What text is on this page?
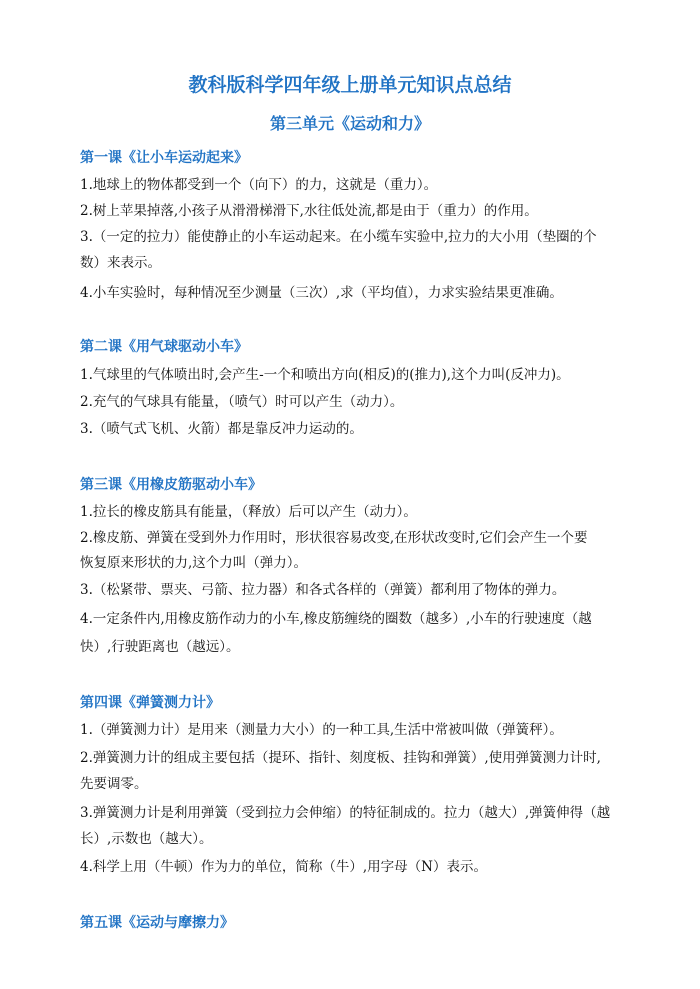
教科版科学四年级上册单元知识点总结
第三单元《运动和力》
第一课《让小车运动起来》
1.地球上的物体都受到一个（向下）的力，这就是（重力）。
2.树上苹果掉落,小孩子从滑滑梯滑下,水往低处流,都是由于（重力）的作用。
3.（一定的拉力）能使静止的小车运动起来。在小缆车实验中,拉力的大小用（垫圈的个
数）来表示。
4.小车实验时，每种情况至少测量（三次）,求（平均值），力求实验结果更准确。
第二课《用气球驱动小车》
1.气球里的气体喷出时,会产生-一个和喷出方向(相反)的(推力),这个力叫(反冲力)。
2.充气的气球具有能量，（喷气）时可以产生（动力）。
3.（喷气式飞机、火箭）都是靠反冲力运动的。
第三课《用橡皮筋驱动小车》
1.拉长的橡皮筋具有能量，（释放）后可以产生（动力）。
2.橡皮筋、弹簧在受到外力作用时，形状很容易改变,在形状改变时,它们会产生一个要
恢复原来形状的力,这个力叫（弹力）。
3.（松紧带、票夹、弓箭、拉力器）和各式各样的（弹簧）都利用了物体的弹力。
4.一定条件内,用橡皮筋作动力的小车,橡皮筋缠绕的圈数（越多）,小车的行驶速度（越
快）,行驶距离也（越远）。
第四课《弹簧测力计》
1.（弹簧测力计）是用来（测量力大小）的一种工具,生活中常被叫做（弹簧秤）。
2.弹簧测力计的组成主要包括（提环、指针、刻度板、挂钩和弹簧）,使用弹簧测力计时,
先要调零。
3.弹簧测力计是利用弹簧（受到拉力会伸缩）的特征制成的。拉力（越大）,弹簧伸得（越
长）,示数也（越大）。
4.科学上用（牛顿）作为力的单位，简称（牛）,用字母（N）表示。
第五课《运动与摩擦力》
